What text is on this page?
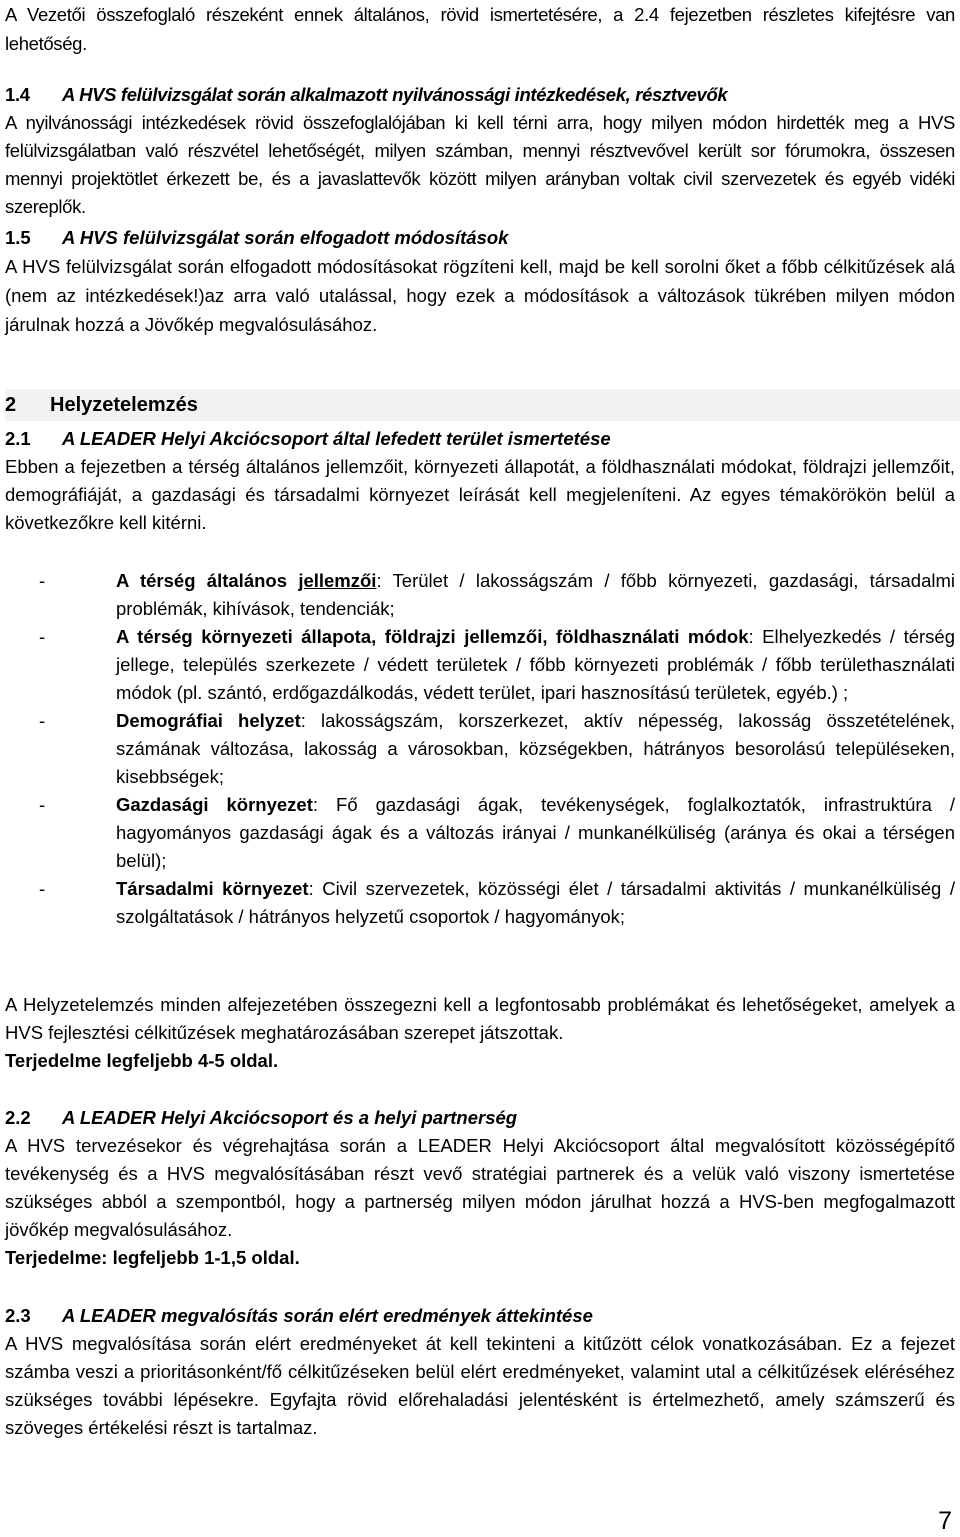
A Vezetői összefoglaló részeként ennek általános, rövid ismertetésére, a 2.4 fejezetben részletes kifejtésre van lehetőség.

1.4 A HVS felülvizsgálat során alkalmazott nyilvánossági intézkedések, résztvevők

A nyilvánossági intézkedések rövid összefoglalójában ki kell térni arra, hogy milyen módon hirdették meg a HVS felülvizsgálatban való részvétel lehetőségét, milyen számban, mennyi résztvevővel került sor fórumokra, összesen mennyi projektötlet érkezett be, és a javaslattevők között milyen arányban voltak civil szervezetek és egyéb vidéki szereplők.

1.5 A HVS felülvizsgálat során elfogadott módosítások

A HVS felülvizsgálat során elfogadott módosításokat rögzíteni kell, majd be kell sorolni őket a főbb célkitűzések alá (nem az intézkedések!)az arra való utalással, hogy ezek a módosítások a változások tükrében milyen módon járulnak hozzá a Jövőkép megvalósulásához.

2 Helyzetelemzés
2.1 A LEADER Helyi Akciócsoport által lefedett terület ismertetése

Ebben a fejezetben a térség általános jellemzőit, környezeti állapotát, a földhasználati módokat, földrajzi jellemzőit, demográfiáját, a gazdasági és társadalmi környezet leírását kell megjeleníteni. Az egyes témakörökön belül a következőkre kell kitérni.

-	A térség általános jellemzői: Terület / lakosságszám / főbb környezeti, gazdasági, társadalmi problémák, kihívások, tendenciák;
-	A térség környezeti állapota, földrajzi jellemzői, földhasználati módok: Elhelyezkedés / térség jellege, település szerkezete / védett területek / főbb környezeti problémák / főbb területhasználati módok (pl. szántó, erdőgazdálkodás, védett terület, ipari hasznosítású területek, egyéb.) ;
-	Demográfiai helyzet: lakosságszám, korszerkezet, aktív népesség, lakosság összetételének, számának változása, lakosság a városokban, községekben, hátrányos besorolású településeken, kisebbségek;
-	Gazdasági környezet: Fő gazdasági ágak, tevékenységek, foglalkoztatók, infrastruktúra / hagyományos gazdasági ágak és a változás irányai / munkanélküliség (aránya és okai a térségen belül);
-	Társadalmi környezet: Civil szervezetek, közösségi élet / társadalmi aktivitás / munkanélküliség / szolgáltatások / hátrányos helyzetű csoportok / hagyományok;

A Helyzetelemzés minden alfejezetében összegezni kell a legfontosabb problémákat és lehetőségeket, amelyek a HVS fejlesztési célkitűzések meghatározásában szerepet játszottak.

Terjedelme legfeljebb 4-5 oldal.

2.2 A LEADER Helyi Akciócsoport és a helyi partnerség

A HVS tervezésekor és végrehajtása során a LEADER Helyi Akciócsoport által megvalósított közösségépítő tevékenység és a HVS megvalósításában részt vevő stratégiai partnerek és a velük való viszony ismertetése szükséges abból a szempontból, hogy a partnerség milyen módon járulhat hozzá a HVS-ben megfogalmazott jövőkép megvalósulásához.

Terjedelme: legfeljebb 1-1,5 oldal.

2.3 A LEADER megvalósítás során elért eredmények áttekintése

A HVS megvalósítása során elért eredményeket át kell tekinteni a kitűzött célok vonatkozásában. Ez a fejezet számba veszi a prioritásonként/fő célkitűzéseken belül elért eredményeket, valamint utal a célkitűzések eléréséhez szükséges további lépésekre. Egyfajta rövid előrehaladási jelentésként is értelmezhető, amely számszerű és szöveges értékelési részt is tartalmaz.

7
